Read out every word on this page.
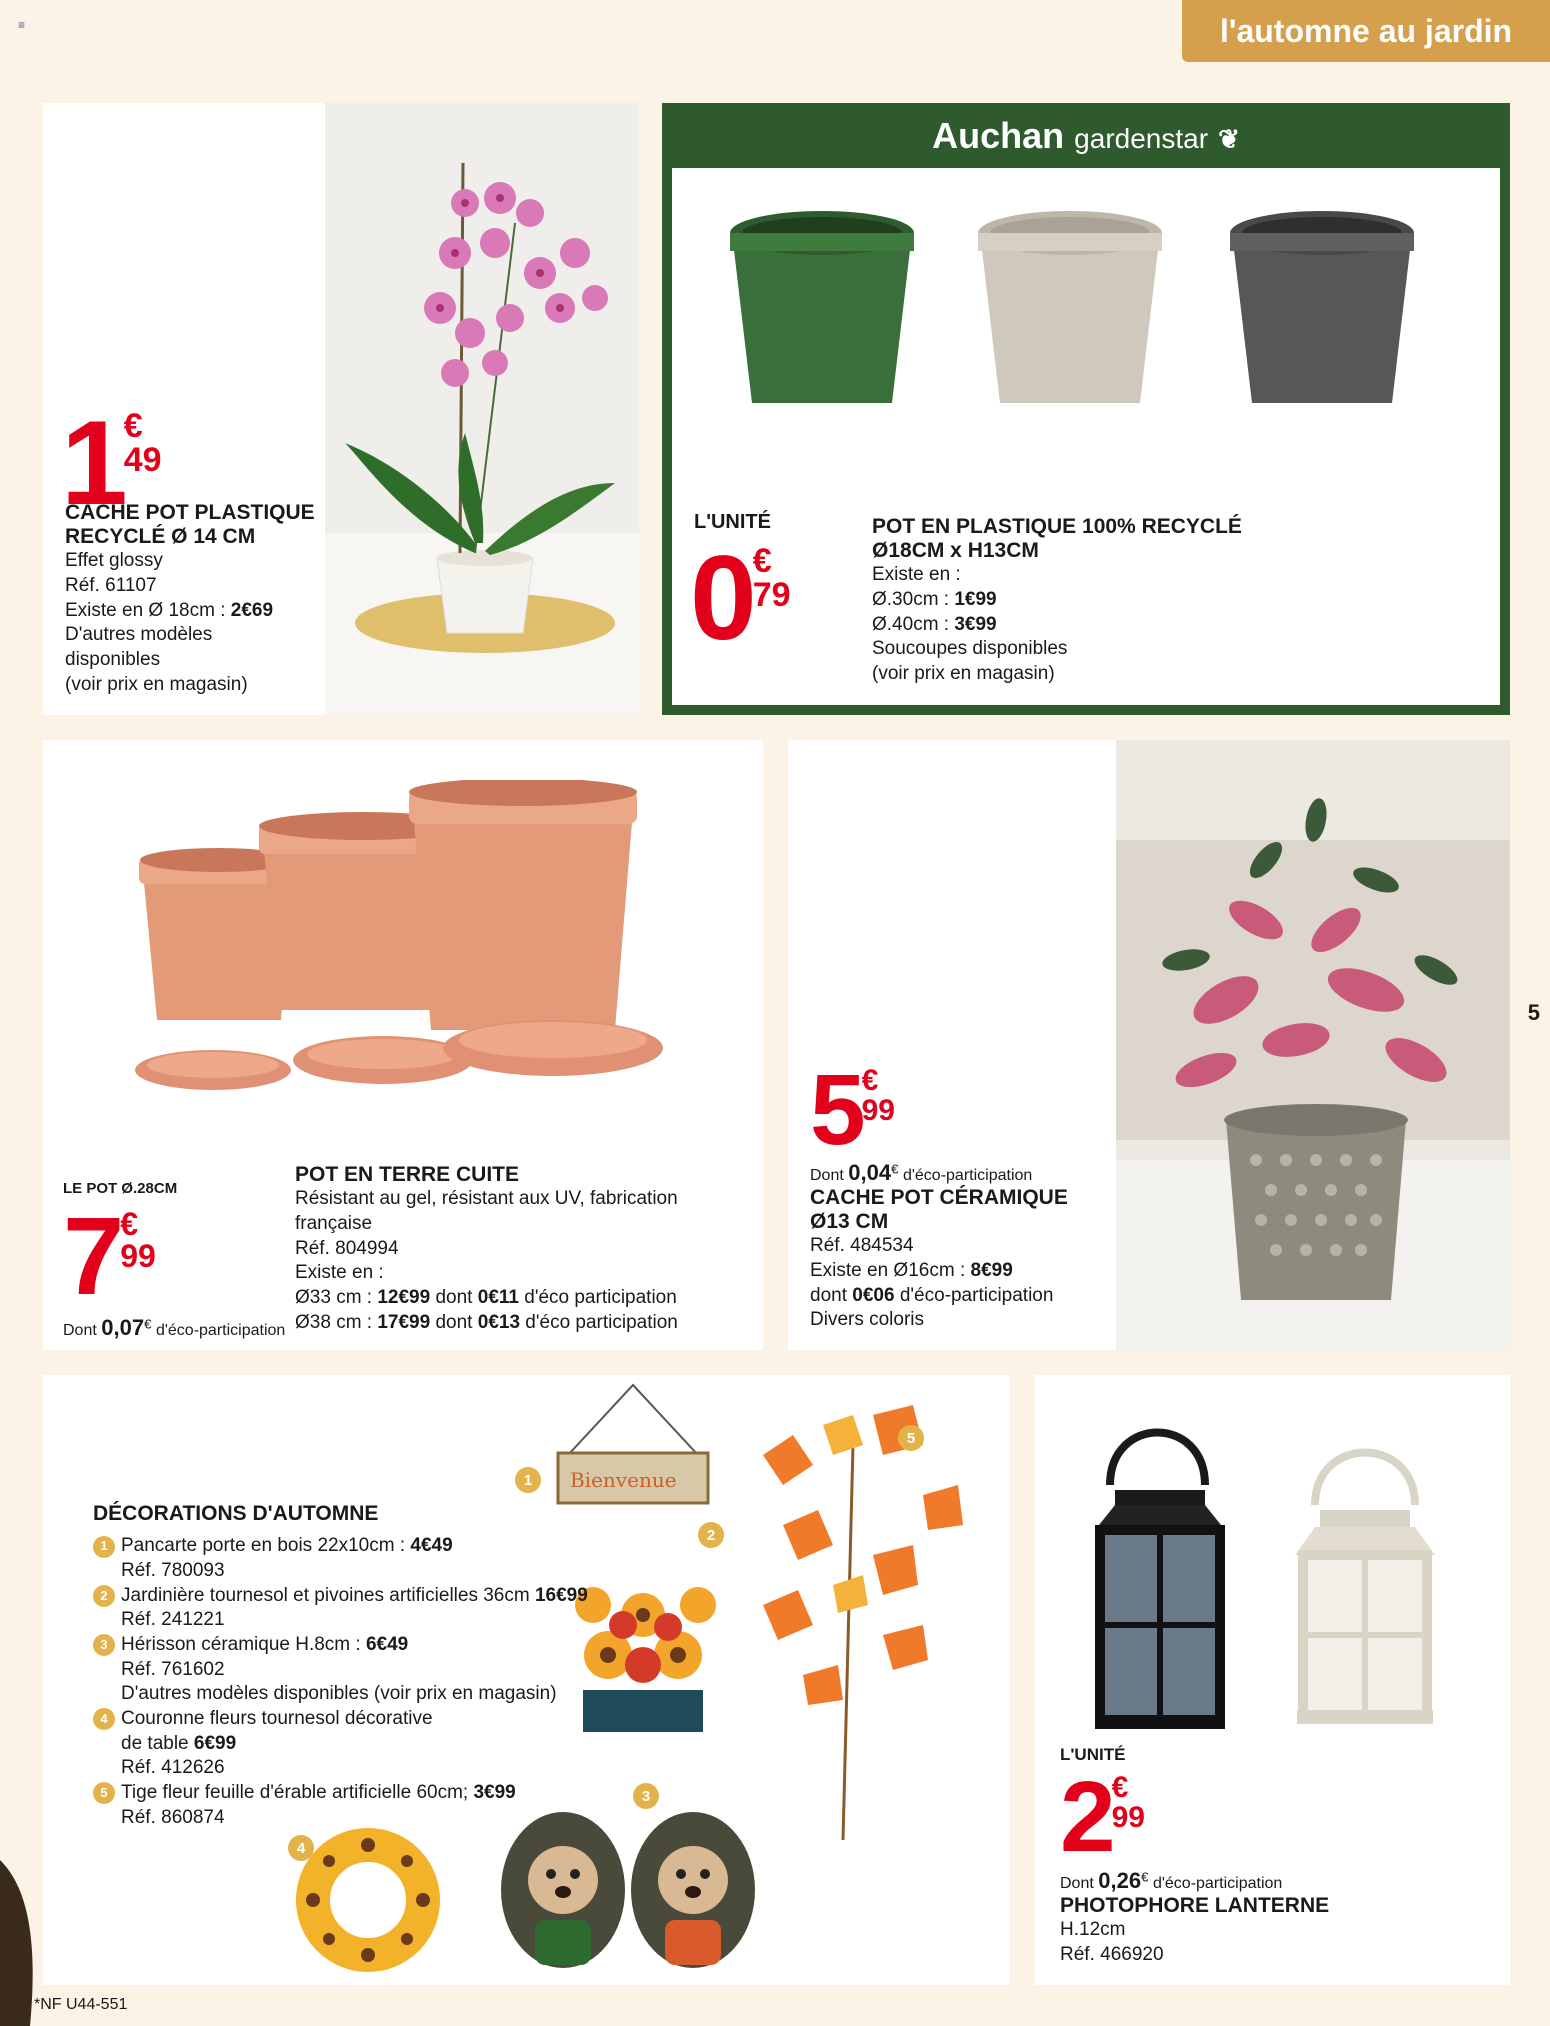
≡	l'automne au jardin
5
1 €
49
CACHE POT PLASTIQUE
RECYCLÉ Ø 14 CM
Effet glossy
Réf. 61107
Existe en Ø 18cm : 2€69
D'autres modèles
disponibles
(voir prix en magasin)
Auchan gardenstar ❦
L'UNITÉ
0 €
79
POT EN PLASTIQUE 100% RECYCLÉ
Ø18CM x H13CM
Existe en :
Ø.30cm : 1€99
Ø.40cm : 3€99
Soucoupes disponibles
(voir prix en magasin)
LE POT Ø.28CM
7 €
99
Dont 0,07€ d'éco-participation
POT EN TERRE CUITE
Résistant au gel, résistant aux UV, fabrication
française
Réf. 804994
Existe en :
Ø33 cm : 12€99 dont 0€11 d'éco participation
Ø38 cm : 17€99 dont 0€13 d'éco participation
5 €
99
Dont 0,04€ d'éco-participation
CACHE POT CÉRAMIQUE
Ø13 CM
Réf. 484534
Existe en Ø16cm : 8€99
dont 0€06 d'éco-participation
Divers coloris
Bienvenue
1
2
5
3
4
DÉCORATIONS D'AUTOMNE
1 Pancarte porte en bois 22x10cm : 4€49
Réf. 780093
2 Jardinière tournesol et pivoines artificielles 36cm 16€99
Réf. 241221
3 Hérisson céramique H.8cm : 6€49
Réf. 761602
D'autres modèles disponibles (voir prix en magasin)
4 Couronne fleurs tournesol décorative
de table 6€99
Réf. 412626
5 Tige fleur feuille d'érable artificielle 60cm; 3€99
Réf. 860874
L'UNITÉ
2 €
99
Dont 0,26€ d'éco-participation
PHOTOPHORE LANTERNE
H.12cm
Réf. 466920
*NF U44-551
